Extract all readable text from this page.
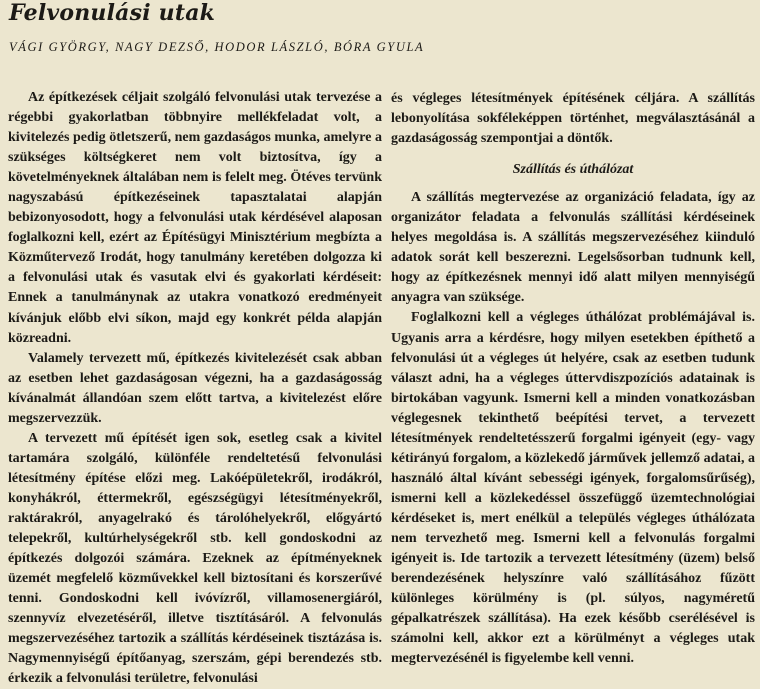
Felvonulási utak
VÁGI GYÖRGY, NAGY DEZSŐ, HODOR LÁSZLÓ, BÓRA GYULA

Az építkezések céljait szolgáló felvonulási utak tervezése a régebbi gyakorlatban többnyire mellékfeladat volt, a kivitelezés pedig ötletszerű, nem gazdaságos munka, amelyre a szükséges költségkeret nem volt biztosítva, így a követelményeknek általában nem is felelt meg. Ötéves tervünk nagyszabású építkezéseinek tapasztalatai alapján bebizonyosodott, hogy a felvonulási utak kérdésével alaposan foglalkozni kell, ezért az Építésügyi Minisztérium megbízta a Közműtervező Irodát, hogy tanulmány keretében dolgozza ki a felvonulási utak és vasutak elvi és gyakorlati kérdéseit: Ennek a tanulmánynak az utakra vonatkozó eredményeit kívánjuk előbb elvi síkon, majd egy konkrét példa alapján közreadni.

Valamely tervezett mű, építkezés kivitelezését csak abban az esetben lehet gazdaságosan végezni, ha a gazdaságosság kívánalmát állandóan szem előtt tartva, a kivitelezést előre megszervezzük.

A tervezett mű építését igen sok, esetleg csak a kivitel tartamára szolgáló, különféle rendeltetésű felvonulási létesítmény építése előzi meg. Lakóépületekről, irodákról, konyhákról, éttermekről, egészségügyi létesítményekről, raktárakról, anyagelrakó és tárolóhelyekről, előgyártó telepekről, kultúrhelységekről stb. kell gondoskodni az építkezés dolgozói számára. Ezeknek az építményeknek üzemét megfelelő közművekkel kell biztosítani és korszerűvé tenni. Gondoskodni kell ivóvízről, villamosenergiáról, szennyvíz elvezetéséről, illetve tisztításáról. A felvonulás megszervezéséhez tartozik a szállítás kérdéseinek tisztázása is. Nagymennyiségű építőanyag, szerszám, gépi berendezés stb. érkezik a felvonulási területre, felvonulási

és végleges létesítmények építésének céljára. A szállítás lebonyolítása sokféleképpen történhet, megválasztásánál a gazdaságosság szempontjai a döntők.

Szállítás és úthálózat

A szállítás megtervezése az organizáció feladata, így az organizátor feladata a felvonulás szállítási kérdéseinek helyes megoldása is. A szállítás megszervezéséhez kiinduló adatok sorát kell beszerezni. Legelsősorban tudnunk kell, hogy az építkezésnek mennyi idő alatt milyen mennyiségű anyagra van szüksége.

Foglalkozni kell a végleges úthálózat problémájával is. Ugyanis arra a kérdésre, hogy milyen esetekben építhető a felvonulási út a végleges út helyére, csak az esetben tudunk választ adni, ha a végleges úttervdiszpozíciós adatainak is birtokában vagyunk. Ismerni kell a minden vonatkozásban véglegesnek tekinthető beépítési tervet, a tervezett létesítmények rendeltetésszerű forgalmi igényeit (egy- vagy kétirányú forgalom, a közlekedő járművek jellemző adatai, a használó által kívánt sebességi igények, forgalomsűrűség), ismerni kell a közlekedéssel összefüggő üzemtechnológiai kérdéseket is, mert enélkül a település végleges úthálózata nem tervezhető meg. Ismerni kell a felvonulás forgalmi igényeit is. Ide tartozik a tervezett létesítmény (üzem) belső berendezésének helyszínre való szállításához fűzött különleges körülmény is (pl. súlyos, nagyméretű gépalkatrészek szállítása). Ha ezek később cserélésével is számolni kell, akkor ezt a körülményt a végleges utak megtervezésénél is figyelembe kell venni.
